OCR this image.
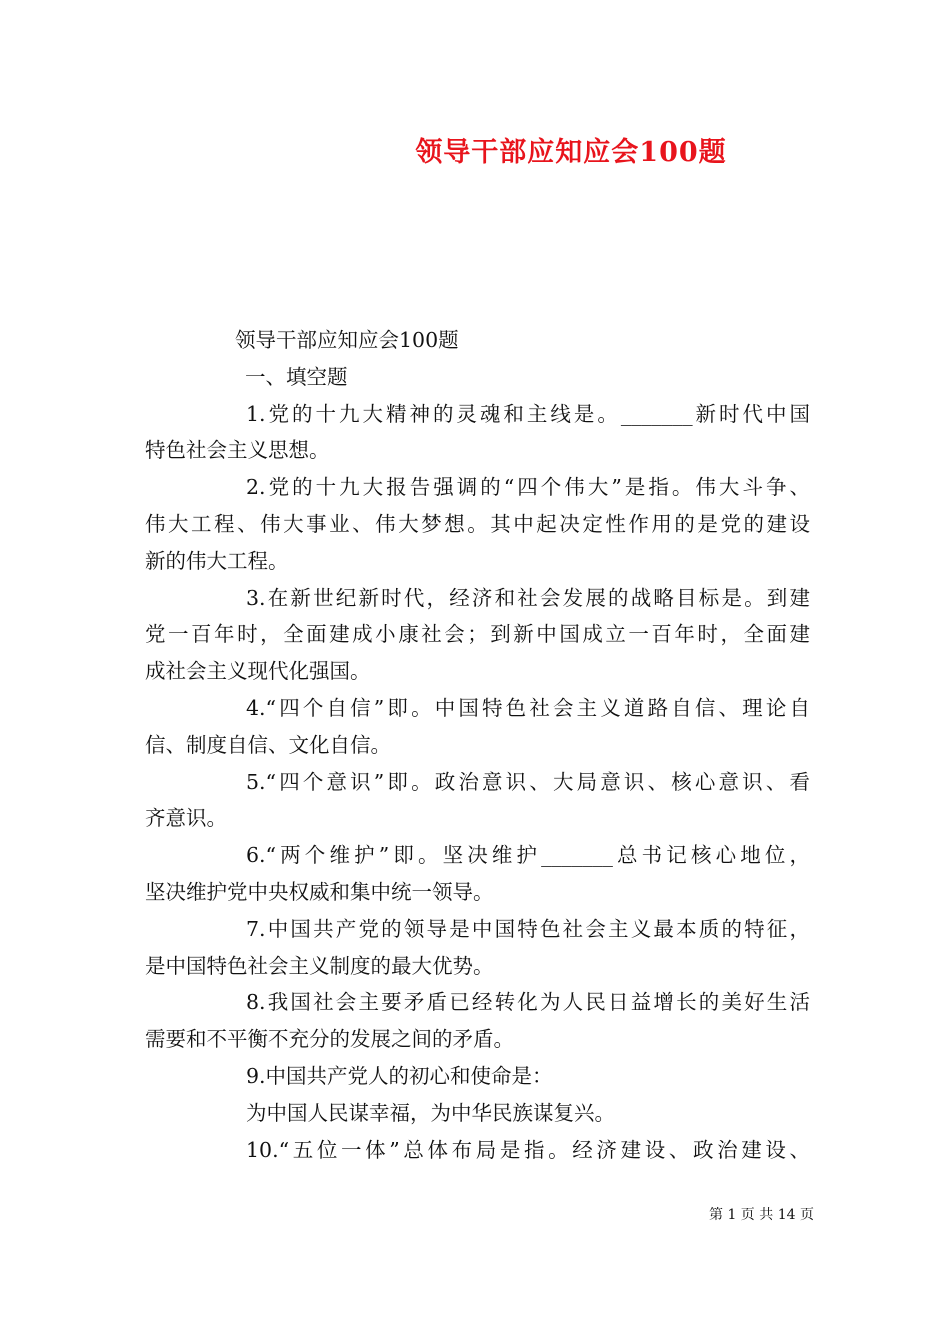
领导干部应知应会100题
领导干部应知应会100题
一、填空题
1.党的十九大精神的灵魂和主线是。_______新时代中国
特色社会主义思想。
2.党的十九大报告强调的“四个伟大”是指。伟大斗争、
伟大工程、伟大事业、伟大梦想。其中起决定性作用的是党的建设
新的伟大工程。
3.在新世纪新时代，经济和社会发展的战略目标是。到建
党一百年时，全面建成小康社会；到新中国成立一百年时，全面建
成社会主义现代化强国。
4.“四个自信”即。中国特色社会主义道路自信、理论自
信、制度自信、文化自信。
5.“四个意识”即。政治意识、大局意识、核心意识、看
齐意识。
6.“两个维护”即。坚决维护_______总书记核心地位，
坚决维护党中央权威和集中统一领导。
7.中国共产党的领导是中国特色社会主义最本质的特征，
是中国特色社会主义制度的最大优势。
8.我国社会主要矛盾已经转化为人民日益增长的美好生活
需要和不平衡不充分的发展之间的矛盾。
9.中国共产党人的初心和使命是：
为中国人民谋幸福，为中华民族谋复兴。
10.“五位一体”总体布局是指。经济建设、政治建设、
第 1 页 共 14 页
